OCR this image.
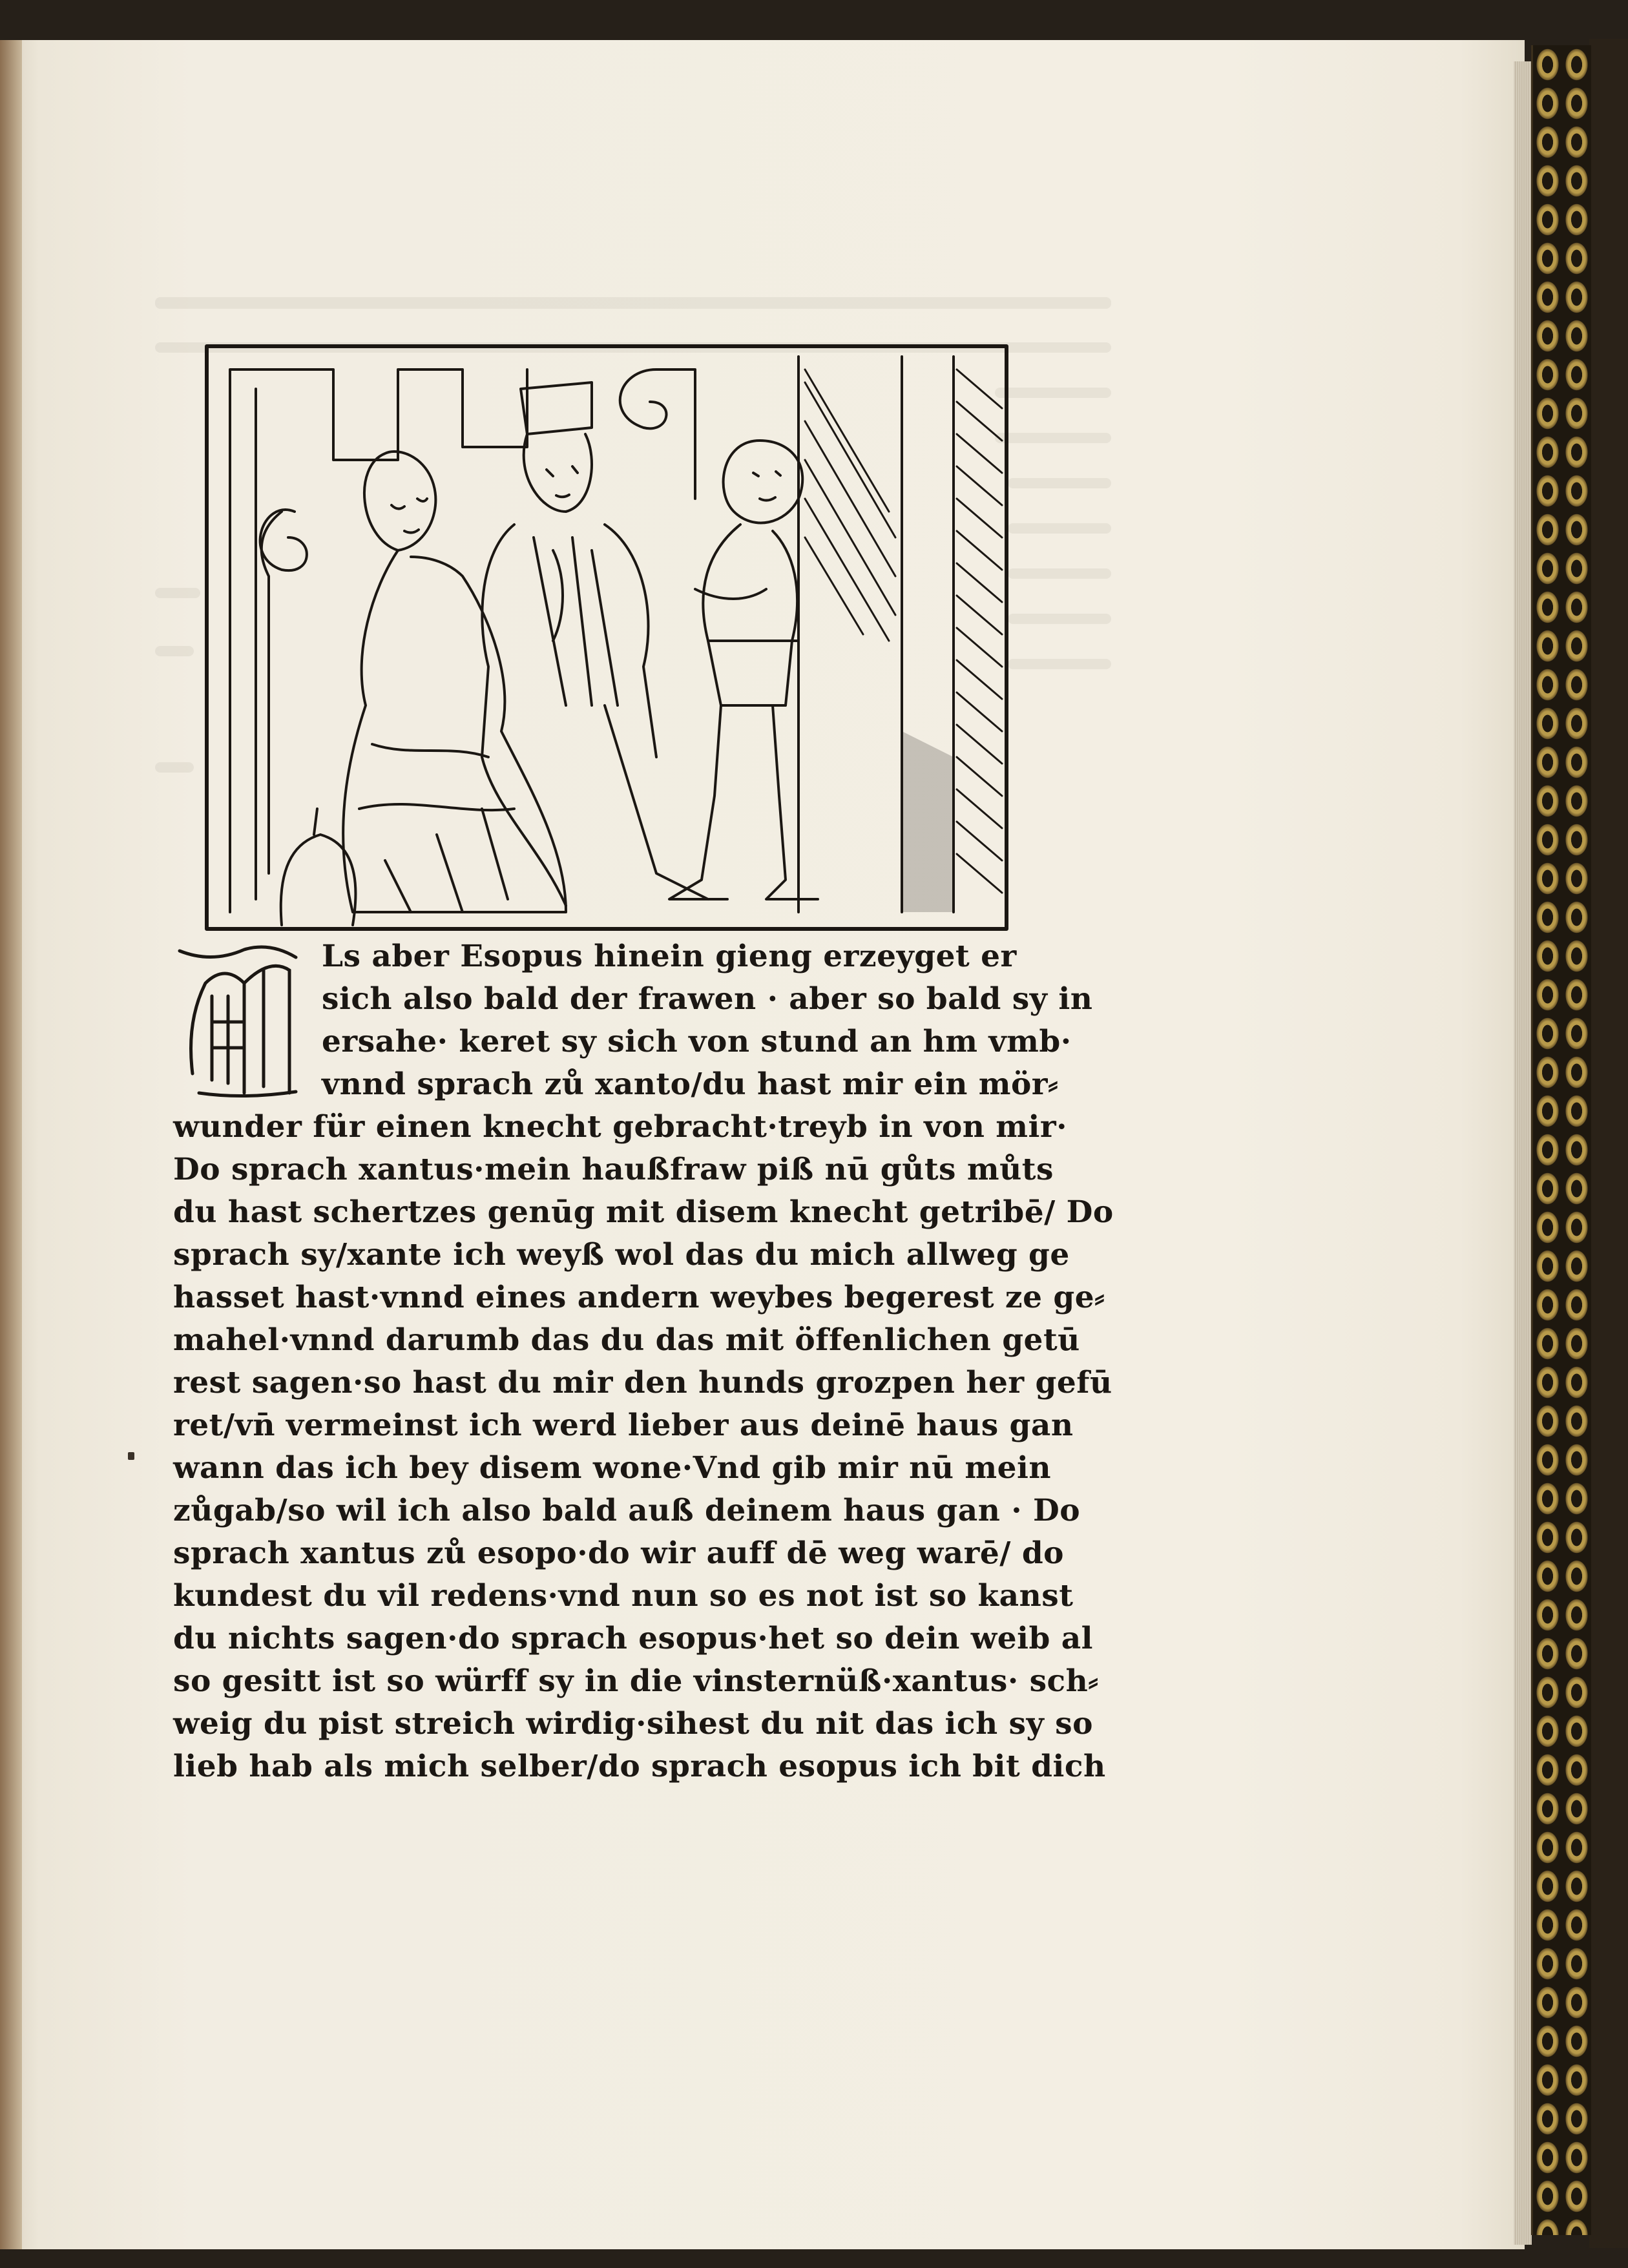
Ls aber Esopus hinein gieng erzeyget er
sich also bald der frawen · aber so bald sy in
ersahe· keret sy sich von stund an hm vmb·
vnnd sprach zů xanto/du hast mir ein mör⸗
wunder für einen knecht gebracht·treyb in von mir·
Do sprach xantus·mein haußfraw piß nū gůts můts
du hast schertzes genūg mit disem knecht getribē/ Do
sprach sy/xante ich weyß wol das du mich allweg ge
hasset hast·vnnd eines andern weybes begerest ze ge⸗
mahel·vnnd darumb das du das mit öffenlichen getū
rest sagen·so hast du mir den hunds grozpen her gefū
ret/vn̄ vermeinst ich werd lieber aus deinē haus gan
wann das ich bey disem wone·Vnd gib mir nū mein
zůgab/so wil ich also bald auß deinem haus gan · Do
sprach xantus zů esopo·do wir auff dē weg warē/ do
kundest du vil redens·vnd nun so es not ist so kanst
du nichts sagen·do sprach esopus·het so dein weib al
so gesitt ist so würff sy in die vinsternüß·xantus· sch⸗
weig du pist streich wirdig·sihest du nit das ich sy so
lieb hab als mich selber/do sprach esopus ich bit dich
